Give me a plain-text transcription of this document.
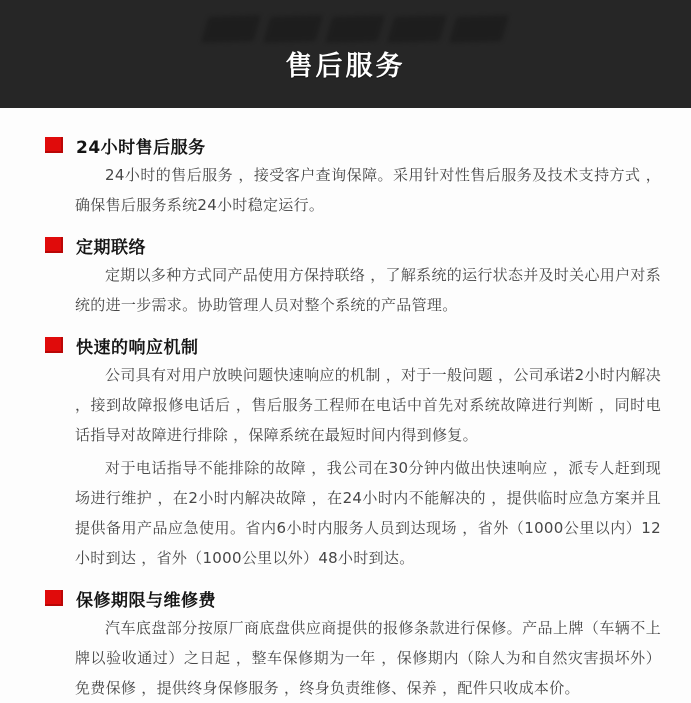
售后服务
24小时售后服务

24小时的售后服务 ，接受客户查询保障。采用针对性售后服务及技术支持方式 ，确保售后服务系统24小时稳定运行。

定期联络

定期以多种方式同产品使用方保持联络 ，了解系统的运行状态并及时关心用户对系统的进一步需求。协助管理人员对整个系统的产品管理。

快速的响应机制

公司具有对用户放映问题快速响应的机制 ，对于一般问题 ，公司承诺2小时内解决 ，接到故障报修电话后 ，售后服务工程师在电话中首先对系统故障进行判断 ，同时电话指导对故障进行排除 ，保障系统在最短时间内得到修复。

对于电话指导不能排除的故障 ，我公司在30分钟内做出快速响应 ，派专人赶到现场进行维护 ，在2小时内解决故障 ，在24小时内不能解决的 ，提供临时应急方案并且提供备用产品应急使用。省内6小时内服务人员到达现场 ，省外（1000公里以内）12小时到达 ，省外（1000公里以外）48小时到达。

保修期限与维修费

汽车底盘部分按原厂商底盘供应商提供的报修条款进行保修。产品上牌（车辆不上牌以验收通过）之日起 ，整车保修期为一年 ，保修期内（除人为和自然灾害损坏外）免费保修 ，提供终身保修服务 ，终身负责维修、保养 ，配件只收成本价。
